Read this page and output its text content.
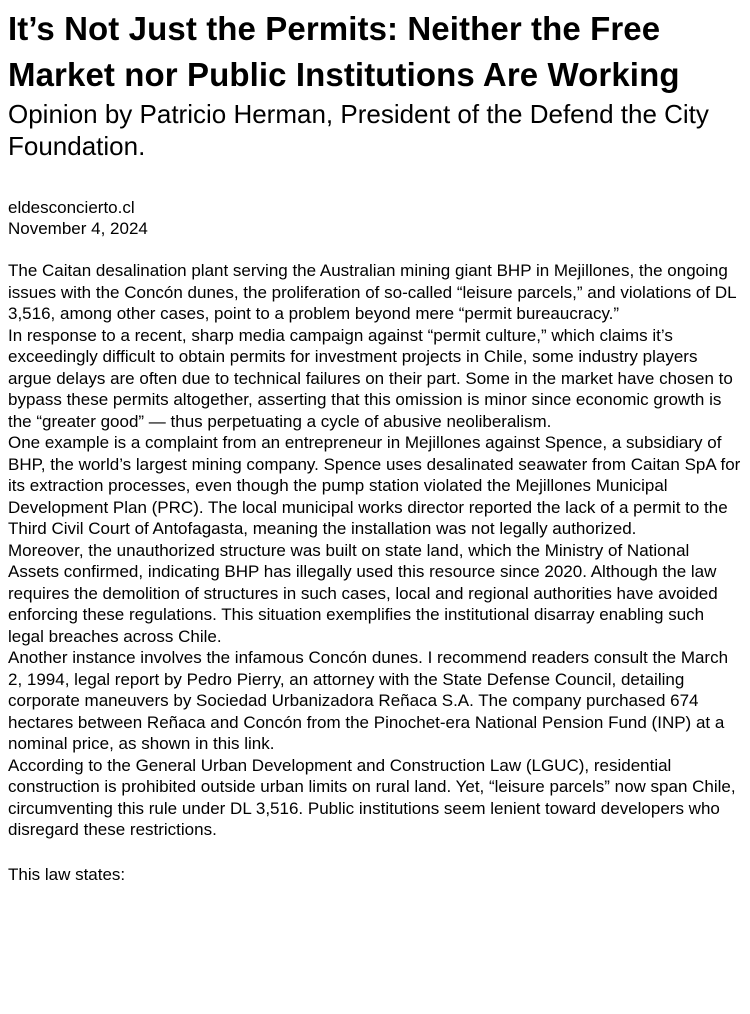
It’s Not Just the Permits: Neither the Free Market nor Public Institutions Are Working
Opinion by Patricio Herman, President of the Defend the City Foundation.
eldesconcierto.cl
November 4, 2024

The Caitan desalination plant serving the Australian mining giant BHP in Mejillones, the ongoing issues with the Concón dunes, the proliferation of so-called “leisure parcels,” and violations of DL 3,516, among other cases, point to a problem beyond mere “permit bureaucracy.”

In response to a recent, sharp media campaign against “permit culture,” which claims it’s exceedingly difficult to obtain permits for investment projects in Chile, some industry players argue delays are often due to technical failures on their part. Some in the market have chosen to bypass these permits altogether, asserting that this omission is minor since economic growth is the “greater good” — thus perpetuating a cycle of abusive neoliberalism.

One example is a complaint from an entrepreneur in Mejillones against Spence, a subsidiary of BHP, the world’s largest mining company. Spence uses desalinated seawater from Caitan SpA for its extraction processes, even though the pump station violated the Mejillones Municipal Development Plan (PRC). The local municipal works director reported the lack of a permit to the Third Civil Court of Antofagasta, meaning the installation was not legally authorized.

Moreover, the unauthorized structure was built on state land, which the Ministry of National Assets confirmed, indicating BHP has illegally used this resource since 2020. Although the law requires the demolition of structures in such cases, local and regional authorities have avoided enforcing these regulations. This situation exemplifies the institutional disarray enabling such legal breaches across Chile.

Another instance involves the infamous Concón dunes. I recommend readers consult the March 2, 1994, legal report by Pedro Pierry, an attorney with the State Defense Council, detailing corporate maneuvers by Sociedad Urbanizadora Reñaca S.A. The company purchased 674 hectares between Reñaca and Concón from the Pinochet-era National Pension Fund (INP) at a nominal price, as shown in this link.

According to the General Urban Development and Construction Law (LGUC), residential construction is prohibited outside urban limits on rural land. Yet, “leisure parcels” now span Chile, circumventing this rule under DL 3,516. Public institutions seem lenient toward developers who disregard these restrictions.

This law states:
